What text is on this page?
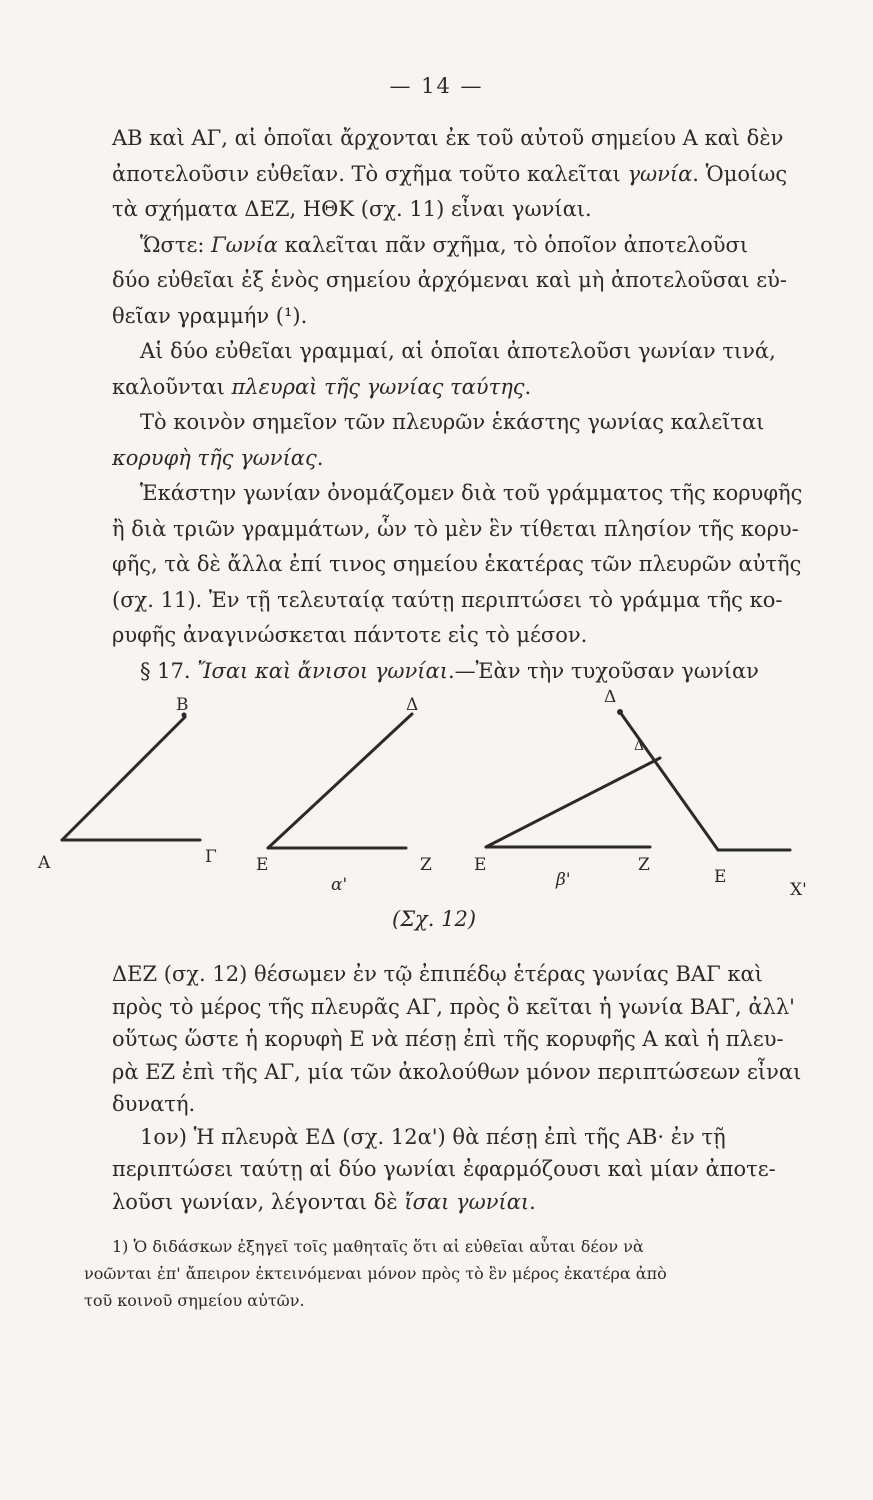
— 14 —
ΑΒ καὶ ΑΓ, αἱ ὁποῖαι ἄρχονται ἐκ τοῦ αὐτοῦ σημείου Α καὶ δὲν
ἀποτελοῦσιν εὐθεῖαν. Τὸ σχῆμα τοῦτο καλεῖται γωνία. Ὁμοίως
τὰ σχήματα ΔΕΖ, ΗΘΚ (σχ. 11) εἶναι γωνίαι.
Ὥστε: Γωνία καλεῖται πᾶν σχῆμα, τὸ ὁποῖον ἀποτελοῦσι
δύο εὐθεῖαι ἐξ ἑνὸς σημείου ἀρχόμεναι καὶ μὴ ἀποτελοῦσαι εὐ-
θεῖαν γραμμήν (¹).
Αἱ δύο εὐθεῖαι γραμμαί, αἱ ὁποῖαι ἀποτελοῦσι γωνίαν τινά,
καλοῦνται πλευραὶ τῆς γωνίας ταύτης.
Τὸ κοινὸν σημεῖον τῶν πλευρῶν ἑκάστης γωνίας καλεῖται
κορυφὴ τῆς γωνίας.
Ἑκάστην γωνίαν ὀνομάζομεν διὰ τοῦ γράμματος τῆς κορυφῆς
ἢ διὰ τριῶν γραμμάτων, ὧν τὸ μὲν ἓν τίθεται πλησίον τῆς κορυ-
φῆς, τὰ δὲ ἄλλα ἐπί τινος σημείου ἑκατέρας τῶν πλευρῶν αὐτῆς
(σχ. 11). Ἐν τῇ τελευταίᾳ ταύτῃ περιπτώσει τὸ γράμμα τῆς κο-
ρυφῆς ἀναγινώσκεται πάντοτε εἰς τὸ μέσον.
§ 17. Ἴσαι καὶ ἄνισοι γωνίαι.—Ἐὰν τὴν τυχοῦσαν γωνίαν
Α
Β
Γ
Δ
Ε	Ζ
α'
Δ
Δ
Ε	Ζ
β'	Ε
Χ'
(Σχ. 12)
ΔΕΖ (σχ. 12) θέσωμεν ἐν τῷ ἐπιπέδῳ ἑτέρας γωνίας ΒΑΓ καὶ
πρὸς τὸ μέρος τῆς πλευρᾶς ΑΓ, πρὸς ὃ κεῖται ἡ γωνία ΒΑΓ, ἀλλ'
οὕτως ὥστε ἡ κορυφὴ Ε νὰ πέσῃ ἐπὶ τῆς κορυφῆς Α καὶ ἡ πλευ-
ρὰ ΕΖ ἐπὶ τῆς ΑΓ, μία τῶν ἀκολούθων μόνον περιπτώσεων εἶναι
δυνατή.
1ον) Ἡ πλευρὰ ΕΔ (σχ. 12α') θὰ πέσῃ ἐπὶ τῆς ΑΒ· ἐν τῇ
περιπτώσει ταύτῃ αἱ δύο γωνίαι ἐφαρμόζουσι καὶ μίαν ἀποτε-
λοῦσι γωνίαν, λέγονται δὲ ἴσαι γωνίαι.
1) Ὁ διδάσκων ἐξηγεῖ τοῖς μαθηταῖς ὅτι αἱ εὐθεῖαι αὗται δέον νὰ
νοῶνται ἐπ' ἄπειρον ἐκτεινόμεναι μόνον πρὸς τὸ ἓν μέρος ἑκατέρα ἀπὸ
τοῦ κοινοῦ σημείου αὐτῶν.
